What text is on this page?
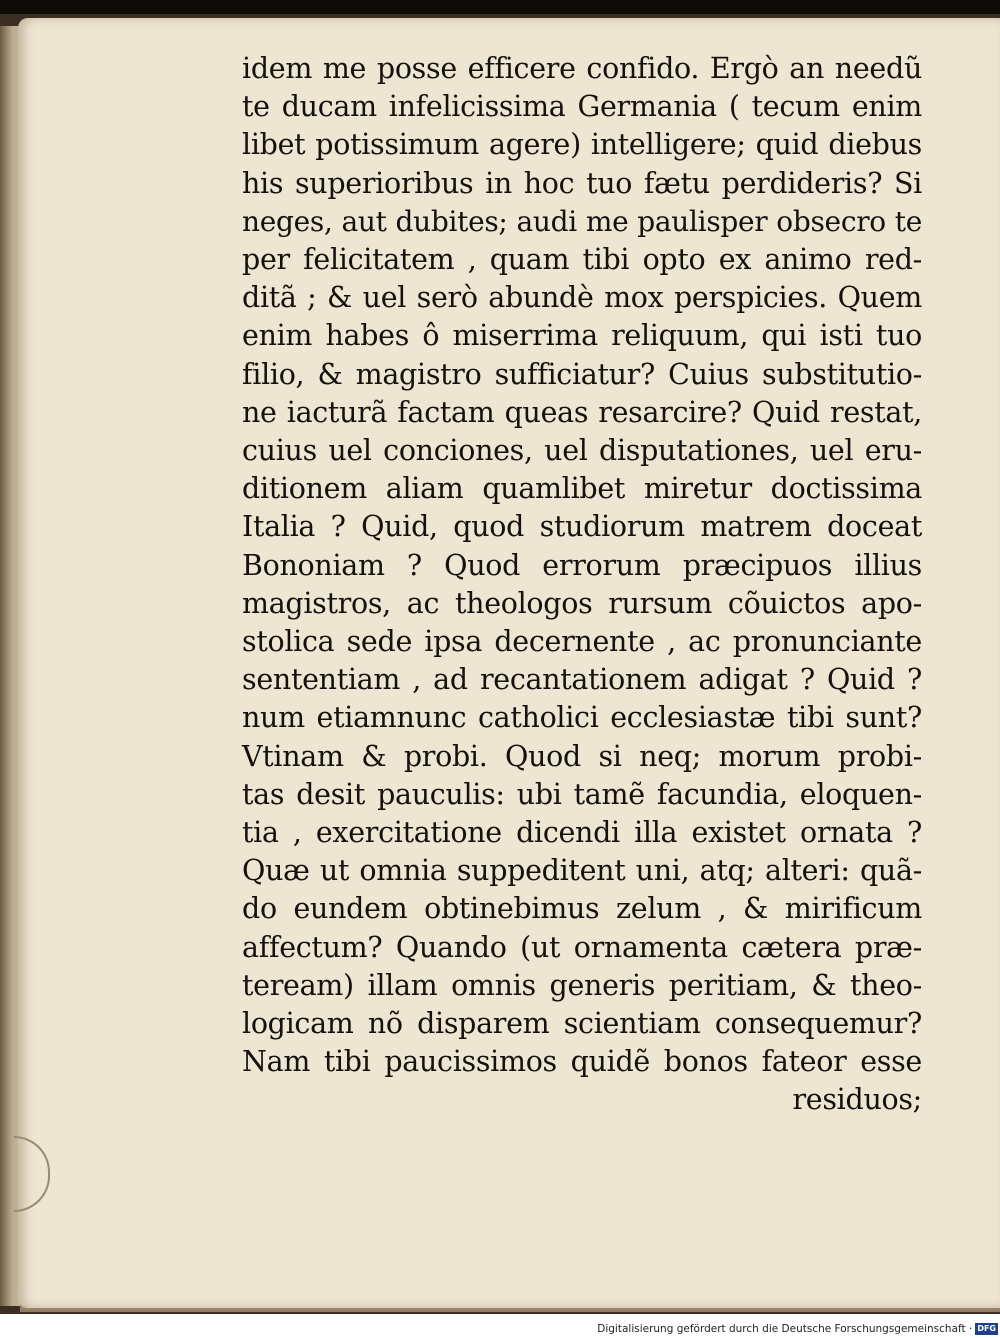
idem me posse efficere confido. Ergò an needũ
te ducam infelicissima Germania ( tecum enim
libet potissimum agere) intelligere; quid diebus
his superioribus in hoc tuo fætu perdideris? Si
neges, aut dubites; audi me paulisper obsecro te
per felicitatem , quam tibi opto ex animo red-
ditã ; & uel serò abundè mox perspicies. Quem
enim habes ô miserrima reliquum, qui isti tuo
filio, & magistro sufficiatur? Cuius substitutio-
ne iacturã factam queas resarcire? Quid restat,
cuius uel conciones, uel disputationes, uel eru-
ditionem aliam quamlibet miretur doctissima
Italia ? Quid, quod studiorum matrem doceat
Bononiam ? Quod errorum præcipuos illius
magistros, ac theologos rursum cõuictos apo-
stolica sede ipsa decernente , ac pronunciante
sententiam , ad recantationem adigat ? Quid ?
num etiamnunc catholici ecclesiastæ tibi sunt?
Vtinam & probi. Quod si neq; morum probi-
tas desit pauculis: ubi tamẽ facundia, eloquen-
tia , exercitatione dicendi illa existet ornata ?
Quæ ut omnia suppeditent uni, atq; alteri: quã-
do eundem obtinebimus zelum , & mirificum
affectum? Quando (ut ornamenta cætera præ-
teream) illam omnis generis peritiam, & theo-
logicam nõ disparem scientiam consequemur?
Nam tibi paucissimos quidẽ bonos fateor esse
residuos;
Digitalisierung gefördert durch die Deutsche Forschungsgemeinschaft · DFG
